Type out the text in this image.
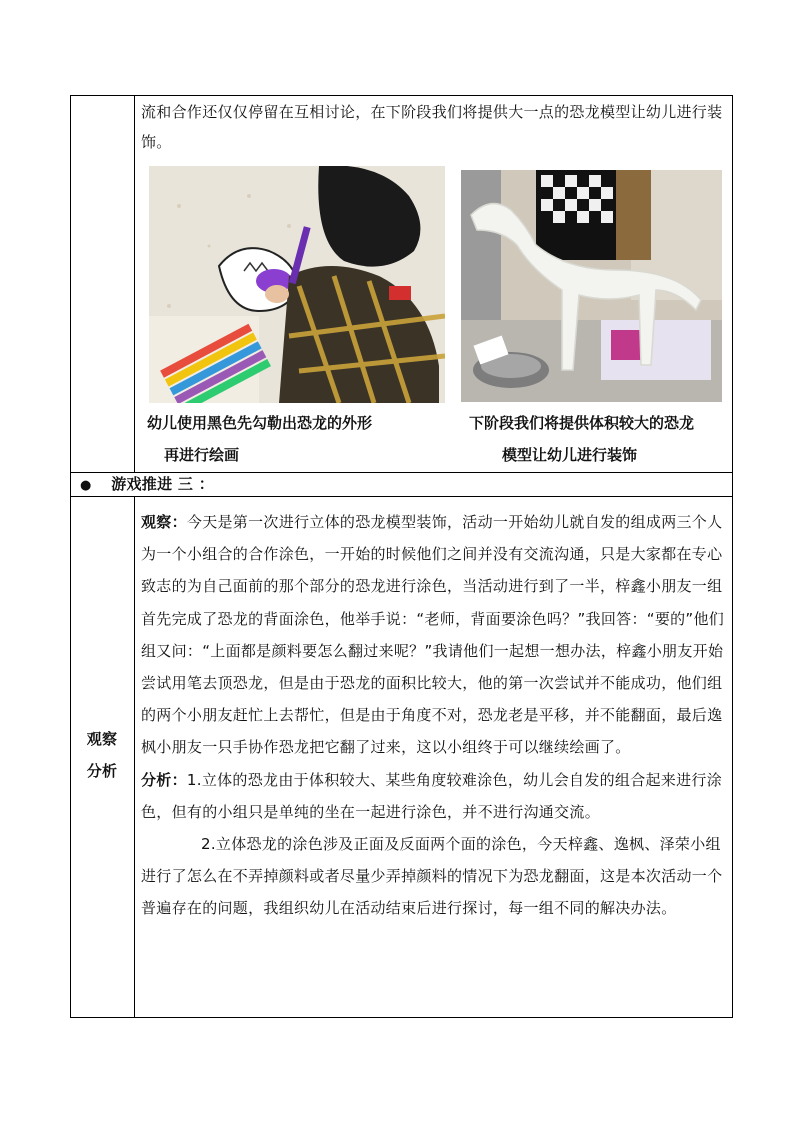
流和合作还仅仅停留在互相讨论，在下阶段我们将提供大一点的恐龙模型让幼儿进行装饰。

幼儿使用黑色先勾勒出恐龙的外形
再进行绘画
下阶段我们将提供体积较大的恐龙
模型让幼儿进行装饰
● 游戏推进 三 ：
观察
分析

观察：今天是第一次进行立体的恐龙模型装饰，活动一开始幼儿就自发的组成两三个人为一个小组合的合作涂色，一开始的时候他们之间并没有交流沟通，只是大家都在专心致志的为自己面前的那个部分的恐龙进行涂色，当活动进行到了一半，梓鑫小朋友一组首先完成了恐龙的背面涂色，他举手说：“老师，背面要涂色吗？”我回答：“要的”他们组又问：“上面都是颜料要怎么翻过来呢？”我请他们一起想一想办法，梓鑫小朋友开始尝试用笔去顶恐龙，但是由于恐龙的面积比较大，他的第一次尝试并不能成功，他们组的两个小朋友赶忙上去帮忙，但是由于角度不对，恐龙老是平移，并不能翻面，最后逸枫小朋友一只手协作恐龙把它翻了过来，这以小组终于可以继续绘画了。

分析：1.立体的恐龙由于体积较大、某些角度较难涂色，幼儿会自发的组合起来进行涂色，但有的小组只是单纯的坐在一起进行涂色，并不进行沟通交流。

2.立体恐龙的涂色涉及正面及反面两个面的涂色，今天梓鑫、逸枫、泽荣小组进行了怎么在不弄掉颜料或者尽量少弄掉颜料的情况下为恐龙翻面，这是本次活动一个普遍存在的问题，我组织幼儿在活动结束后进行探讨，每一组不同的解决办法。
